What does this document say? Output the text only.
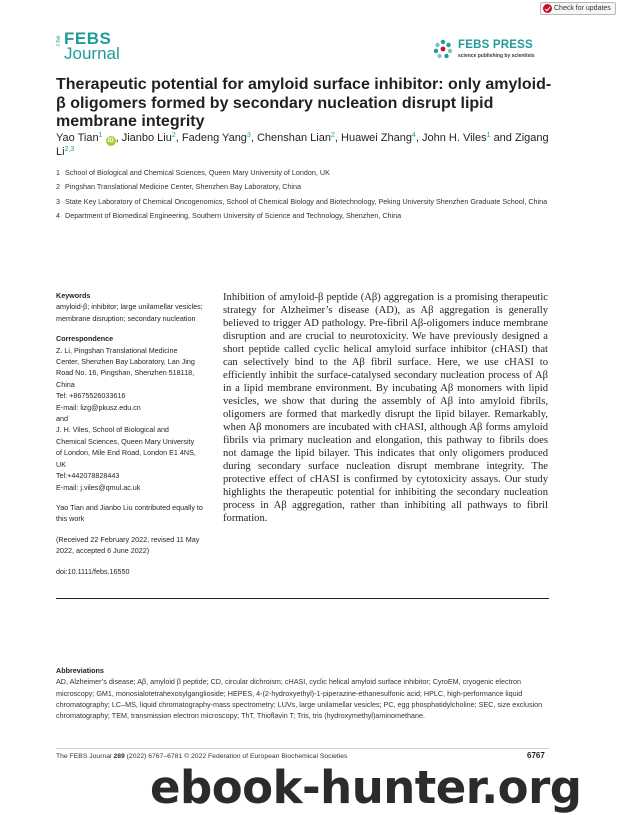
Check for updates
The FEBS
Journal	FEBS PRESS
science publishing by scientists
Therapeutic potential for amyloid surface inhibitor: only amyloid-β oligomers formed by secondary nucleation disrupt lipid membrane integrity
Yao Tian$^1$ iD , Jianbo Liu$^2$, Fadeng Yang$^3$, Chenshan Lian$^2$, Huawei Zhang$^4$, John H. Viles$^1$ and Zigang Li$^{2,3}$

1 School of Biological and Chemical Sciences, Queen Mary University of London, UK

2 Pingshan Translational Medicine Center, Shenzhen Bay Laboratory, China

3 State Key Laboratory of Chemical Oncogenomics, School of Chemical Biology and Biotechnology, Peking University Shenzhen Graduate School, China

4 Department of Biomedical Engineering, Southern University of Science and Technology, Shenzhen, China

Keywords

amyloid-β; inhibitor; large unilamellar vesicles; membrane disruption; secondary nucleation

Correspondence

Z. Li, Pingshan Translational Medicine

Center, Shenzhen Bay Laboratory, Lan Jing

Road No. 16, Pingshan, Shenzhen 518118,

China

Tel: +8675526033616

E-mail: lizg@pkusz.edu.cn

and

J. H. Viles, School of Biological and

Chemical Sciences, Queen Mary University

of London, Mile End Road, London E1 4NS,

UK

Tel:+442078828443

E-mail: j.viles@qmul.ac.uk

Yao Tian and Jianbo Liu contributed equally to this work

(Received 22 February 2022, revised 11 May 2022, accepted 6 June 2022)

doi:10.1111/febs.16550

Inhibition of amyloid-β peptide (Aβ) aggregation is a promising therapeutic strategy for Alzheimer’s disease (AD), as Aβ aggregation is generally believed to trigger AD pathology. Pre-fibril Aβ-oligomers induce membrane disruption and are crucial to neurotoxicity. We have previously designed a short peptide called cyclic helical amyloid surface inhibitor (cHASI) that can selectively bind to the Aβ fibril surface. Here, we use cHASI to efficiently inhibit the surface-catalysed secondary nucleation process of Aβ in a lipid membrane environment. By incubating Aβ monomers with lipid vesicles, we show that during the assembly of Aβ into amyloid fibrils, oligomers are formed that markedly disrupt the lipid bilayer. Remarkably, when Aβ monomers are incubated with cHASI, although Aβ forms amyloid fibrils via primary nucleation and elongation, this pathway to fibrils does not damage the lipid bilayer. This indicates that only oligomers produced during secondary surface nucleation disrupt membrane integrity. The protective effect of cHASI is confirmed by cytotoxicity assays. Our study highlights the therapeutic potential for inhibiting the secondary nucleation process in Aβ aggregation, rather than inhibiting all pathways to fibril formation.

Abbreviations
AD, Alzheimer’s disease; Aβ, amyloid β peptide; CD, circular dichroism; cHASI, cyclic helical amyloid surface inhibitor; CyroEM, cryogenic electron microscopy; GM1, monosialotetrahexosylganglioside; HEPES, 4-(2-hydroxyethyl)-1-piperazine-ethanesulfonic acid; HPLC, high-performance liquid chromatography; LC–MS, liquid chromatography-mass spectrometry; LUVs, large unilamellar vesicles; PC, egg phosphatidylcholine; SEC, size exclusion chromatography; TEM, transmission electron microscopy; ThT, Thioflavin T; Tris, tris (hydroxymethyl)aminomethane.
The FEBS Journal 289 (2022) 6767–6781 © 2022 Federation of European Biochemical Societies	6767
ebook-hunter.org
